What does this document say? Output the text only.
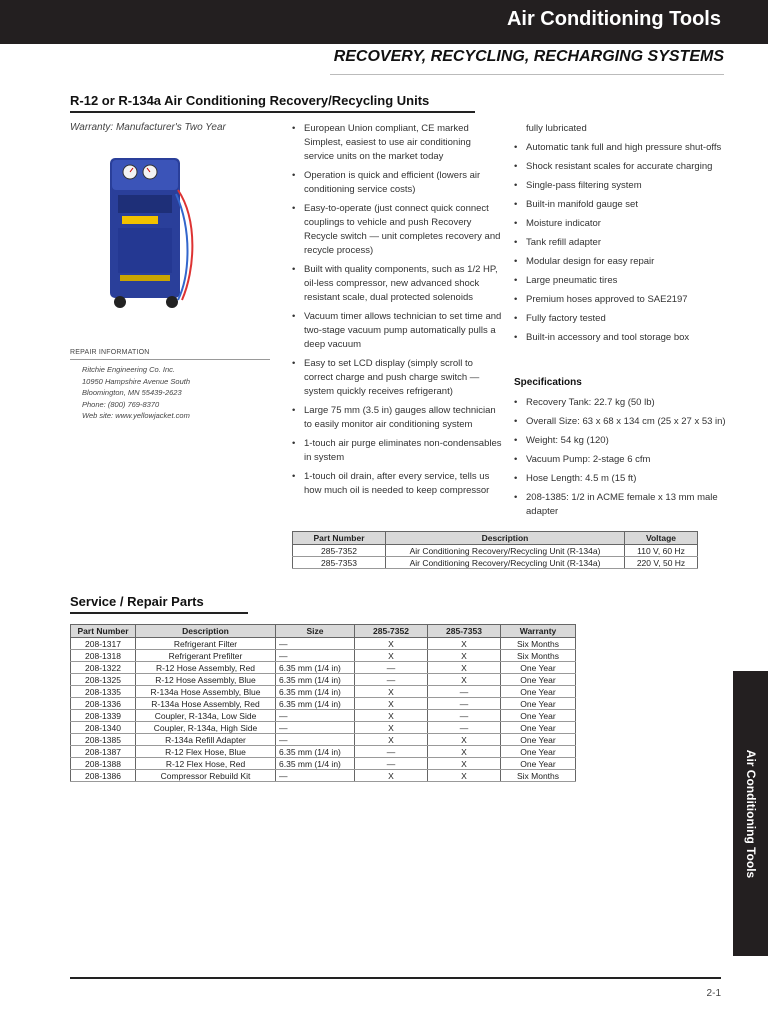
Air Conditioning Tools
RECOVERY, RECYCLING, RECHARGING SYSTEMS
R-12 or R-134a Air Conditioning Recovery/Recycling Units
Warranty: Manufacturer's Two Year
REPAIR INFORMATION
Ritchie Engineering Co. Inc.
10950 Hampshire Avenue South
Bloomington, MN 55439-2623
Phone: (800) 769-8370
Web site: www.yellowjacket.com
• European Union compliant, CE marked Simplest, easiest to use air conditioning service units on the market today
• Operation is quick and efficient (lowers air conditioning service costs)
• Easy-to-operate (just connect quick connect couplings to vehicle and push Recovery Recycle switch — unit completes recovery and recycle process)
• Built with quality components, such as 1/2 HP, oil-less compressor, new advanced shock resistant scale, dual protected solenoids
• Vacuum timer allows technician to set time and two-stage vacuum pump automatically pulls a deep vacuum
• Easy to set LCD display (simply scroll to correct charge and push charge switch — system quickly receives refrigerant)
• Large 75 mm (3.5 in) gauges allow technician to easily monitor air conditioning system
• 1-touch air purge eliminates non-condensables in system
• 1-touch oil drain, after every service, tells us how much oil is needed to keep compressor
fully lubricated
• Automatic tank full and high pressure shut-offs
• Shock resistant scales for accurate charging
• Single-pass filtering system
• Built-in manifold gauge set
• Moisture indicator
• Tank refill adapter
• Modular design for easy repair
• Large pneumatic tires
• Premium hoses approved to SAE2197
• Fully factory tested
• Built-in accessory and tool storage box
Specifications
• Recovery Tank: 22.7 kg (50 lb)
• Overall Size: 63 x 68 x 134 cm (25 x 27 x 53 in)
• Weight: 54 kg (120)
• Vacuum Pump: 2-stage 6 cfm
• Hose Length: 4.5 m (15 ft)
• 208-1385: 1/2 in ACME female x 13 mm male adapter
Part Number	Description	Voltage
285-7352	Air Conditioning Recovery/Recycling Unit (R-134a)	110 V, 60 Hz
285-7353	Air Conditioning Recovery/Recycling Unit (R-134a)	220 V, 50 Hz
Service / Repair Parts
Part Number	Description	Size	285-7352	285-7353	Warranty
208-1317	Refrigerant Filter	—	X	X	Six Months
208-1318	Refrigerant Prefilter	—	X	X	Six Months
208-1322	R-12 Hose Assembly, Red	6.35 mm (1/4 in)	—	X	One Year
208-1325	R-12 Hose Assembly, Blue	6.35 mm (1/4 in)	—	X	One Year
208-1335	R-134a Hose Assembly, Blue	6.35 mm (1/4 in)	X	—	One Year
208-1336	R-134a Hose Assembly, Red	6.35 mm (1/4 in)	X	—	One Year
208-1339	Coupler, R-134a, Low Side	—	X	—	One Year
208-1340	Coupler, R-134a, High Side	—	X	—	One Year
208-1385	R-134a Refill Adapter	—	X	X	One Year
208-1387	R-12 Flex Hose, Blue	6.35 mm (1/4 in)	—	X	One Year
208-1388	R-12 Flex Hose, Red	6.35 mm (1/4 in)	—	X	One Year
208-1386	Compressor Rebuild Kit	—	X	X	Six Months	Air Conditioning Tools
2-1
